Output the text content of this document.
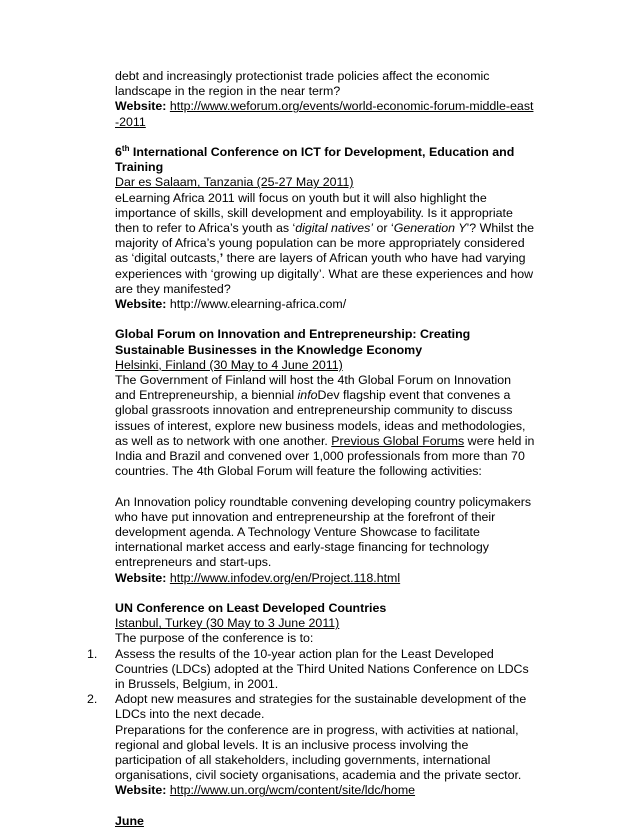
debt and increasingly protectionist trade policies affect the economic landscape in the region in the near term?
Website: http://www.weforum.org/events/world-economic-forum-middle-east-2011

6th International Conference on ICT for Development, Education and Training

Dar es Salaam, Tanzania (25-27 May 2011)

eLearning Africa 2011 will focus on youth but it will also highlight the importance of skills, skill development and employability. Is it appropriate then to refer to Africa’s youth as ‘digital natives’ or ‘Generation Y’? Whilst the majority of Africa’s young population can be more appropriately considered as ‘digital outcasts,’ there are layers of African youth who have had varying experiences with ‘growing up digitally’. What are these experiences and how are they manifested?
Website: http://www.elearning-africa.com/

Global Forum on Innovation and Entrepreneurship: Creating Sustainable Businesses in the Knowledge Economy

Helsinki, Finland (30 May to 4 June 2011)

The Government of Finland will host the 4th Global Forum on Innovation and Entrepreneurship, a biennial infoDev flagship event that convenes a global grassroots innovation and entrepreneurship community to discuss issues of interest, explore new business models, ideas and methodologies, as well as to network with one another. Previous Global Forums were held in India and Brazil and convened over 1,000 professionals from more than 70 countries. The 4th Global Forum will feature the following activities:

An Innovation policy roundtable convening developing country policymakers who have put innovation and entrepreneurship at the forefront of their development agenda. A Technology Venture Showcase to facilitate international market access and early-stage financing for technology entrepreneurs and start-ups.
Website: http://www.infodev.org/en/Project.118.html

UN Conference on Least Developed Countries

Istanbul, Turkey (30 May to 3 June 2011)

The purpose of the conference is to:

1. Assess the results of the 10-year action plan for the Least Developed Countries (LDCs) adopted at the Third United Nations Conference on LDCs in Brussels, Belgium, in 2001.
2. Adopt new measures and strategies for the sustainable development of the LDCs into the next decade.

Preparations for the conference are in progress, with activities at national, regional and global levels. It is an inclusive process involving the participation of all stakeholders, including governments, international organisations, civil society organisations, academia and the private sector.
Website: http://www.un.org/wcm/content/site/ldc/home

June
